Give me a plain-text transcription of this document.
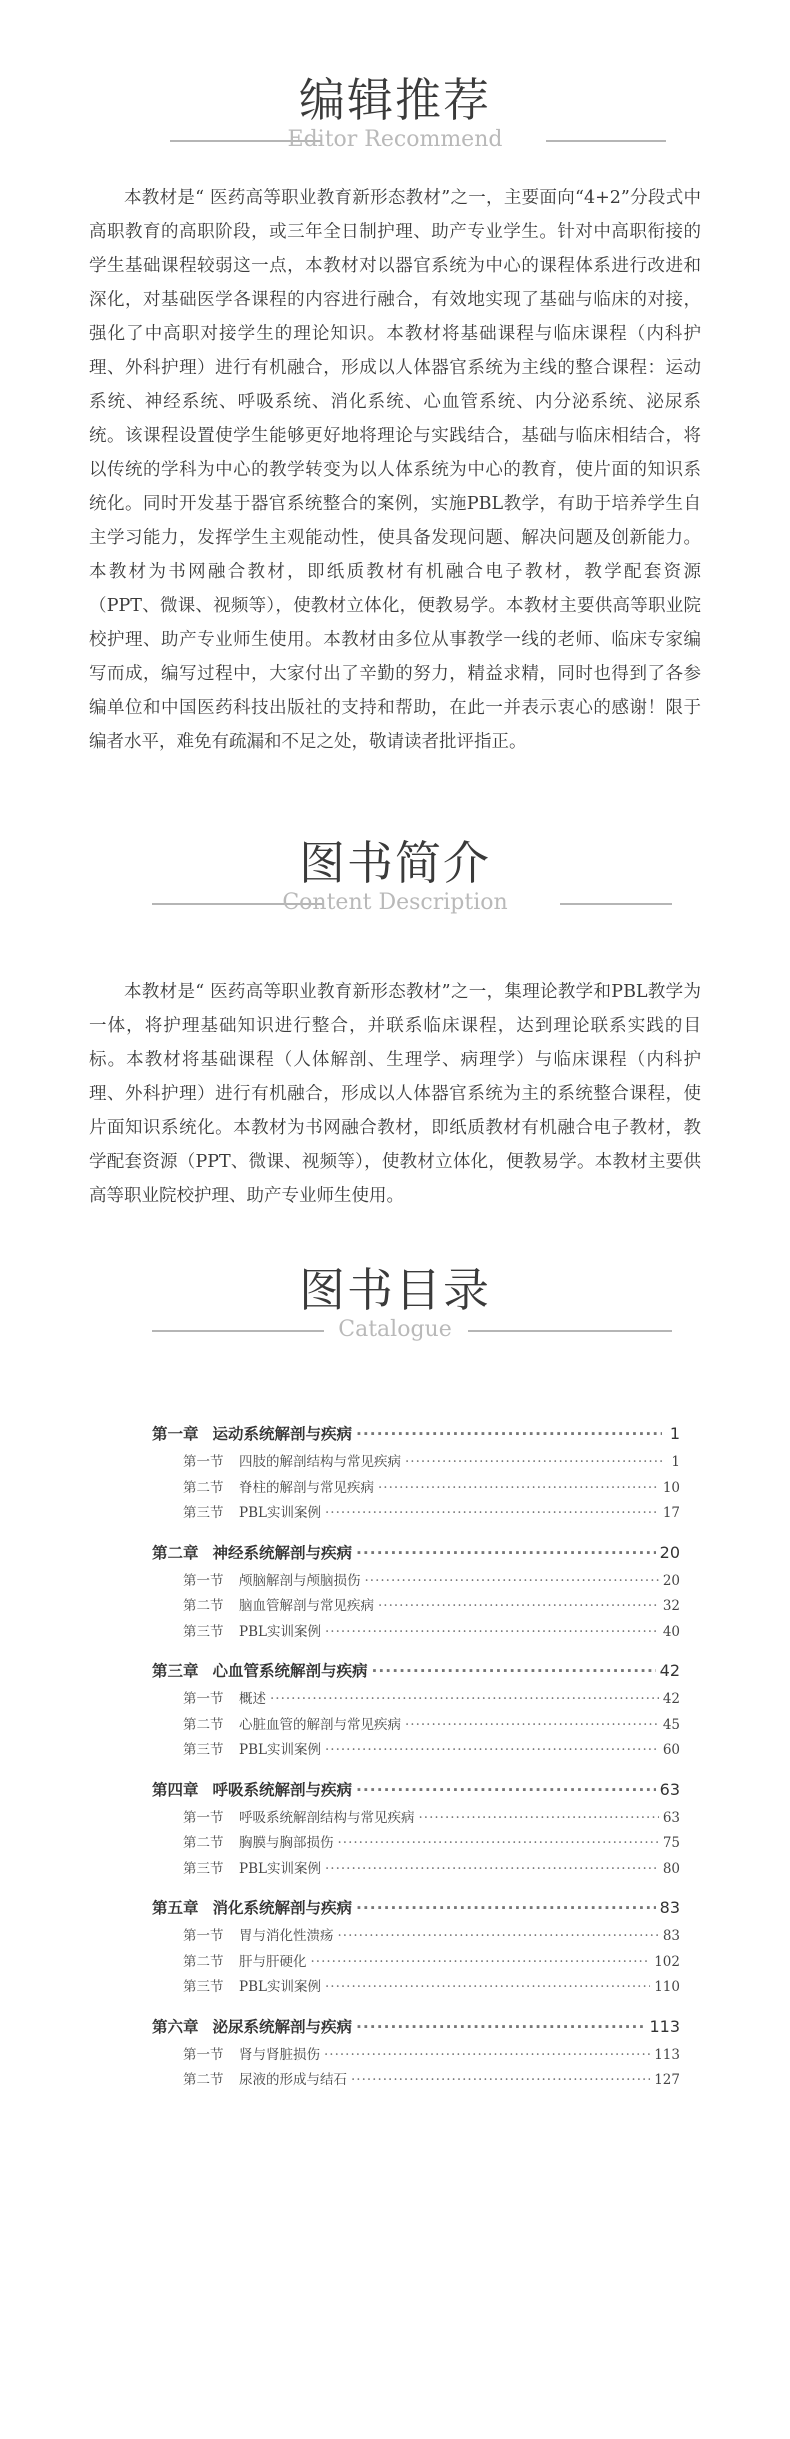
编辑推荐
Editor Recommend
本教材是“ 医药高等职业教育新形态教材”之一，主要面向“4+2”分段式中高职教育的高职阶段，或三年全日制护理、助产专业学生。针对中高职衔接的学生基础课程较弱这一点，本教材对以器官系统为中心的课程体系进行改进和深化，对基础医学各课程的内容进行融合，有效地实现了基础与临床的对接，强化了中高职对接学生的理论知识。本教材将基础课程与临床课程（内科护理、外科护理）进行有机融合，形成以人体器官系统为主线的整合课程：运动系统、神经系统、呼吸系统、消化系统、心血管系统、内分泌系统、泌尿系统。该课程设置使学生能够更好地将理论与实践结合，基础与临床相结合，将以传统的学科为中心的教学转变为以人体系统为中心的教育，使片面的知识系统化。同时开发基于器官系统整合的案例，实施PBL教学，有助于培养学生自主学习能力，发挥学生主观能动性，使具备发现问题、解决问题及创新能力。本教材为书网融合教材，即纸质教材有机融合电子教材，教学配套资源（PPT、微课、视频等），使教材立体化，便教易学。本教材主要供高等职业院校护理、助产专业师生使用。本教材由多位从事教学一线的老师、临床专家编写而成，编写过程中，大家付出了辛勤的努力，精益求精，同时也得到了各参编单位和中国医药科技出版社的支持和帮助，在此一并表示衷心的感谢！限于编者水平，难免有疏漏和不足之处，敬请读者批评指正。
图书简介
Content Description
本教材是“ 医药高等职业教育新形态教材”之一，集理论教学和PBL教学为一体，将护理基础知识进行整合，并联系临床课程，达到理论联系实践的目标。本教材将基础课程（人体解剖、生理学、病理学）与临床课程（内科护理、外科护理）进行有机融合，形成以人体器官系统为主的系统整合课程，使片面知识系统化。本教材为书网融合教材，即纸质教材有机融合电子教材，教学配套资源（PPT、微课、视频等），使教材立体化，便教易学。本教材主要供高等职业院校护理、助产专业师生使用。
图书目录
Catalogue
第一章 运动系统解剖与疾病 ·····	1
第一节	四肢的解剖结构与常见疾病 ·····	1
第二节	脊柱的解剖与常见疾病 ·····	10
第三节	PBL实训案例 ·····	17
第二章 神经系统解剖与疾病 ·····	20
第一节	颅脑解剖与颅脑损伤 ·····	20
第二节	脑血管解剖与常见疾病 ·····	32
第三节	PBL实训案例 ·····	40
第三章 心血管系统解剖与疾病 ·····	42
第一节	概述 ·····	42
第二节	心脏血管的解剖与常见疾病 ·····	45
第三节	PBL实训案例 ·····	60
第四章 呼吸系统解剖与疾病 ·····	63
第一节	呼吸系统解剖结构与常见疾病 ·····	63
第二节	胸膜与胸部损伤 ·····	75
第三节	PBL实训案例 ·····	80
第五章 消化系统解剖与疾病 ·····	83
第一节	胃与消化性溃疡 ·····	83
第二节	肝与肝硬化 ·····	102
第三节	PBL实训案例 ·····	110
第六章 泌尿系统解剖与疾病 ·····	113
第一节	肾与肾脏损伤 ·····	113
第二节	尿液的形成与结石 ·····	127
